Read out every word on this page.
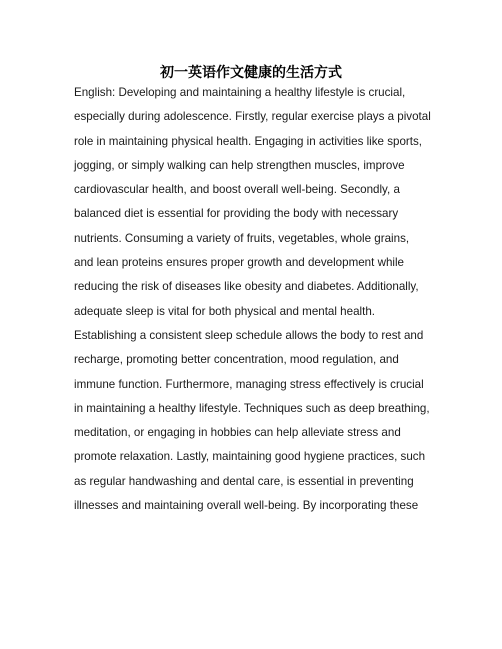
初一英语作文健康的生活方式
English: Developing and maintaining a healthy lifestyle is crucial,
especially during adolescence. Firstly, regular exercise plays a pivotal
role in maintaining physical health. Engaging in activities like sports,
jogging, or simply walking can help strengthen muscles, improve
cardiovascular health, and boost overall well-being. Secondly, a
balanced diet is essential for providing the body with necessary
nutrients. Consuming a variety of fruits, vegetables, whole grains,
and lean proteins ensures proper growth and development while
reducing the risk of diseases like obesity and diabetes. Additionally,
adequate sleep is vital for both physical and mental health.
Establishing a consistent sleep schedule allows the body to rest and
recharge, promoting better concentration, mood regulation, and
immune function. Furthermore, managing stress effectively is crucial
in maintaining a healthy lifestyle. Techniques such as deep breathing,
meditation, or engaging in hobbies can help alleviate stress and
promote relaxation. Lastly, maintaining good hygiene practices, such
as regular handwashing and dental care, is essential in preventing
illnesses and maintaining overall well-being. By incorporating these
